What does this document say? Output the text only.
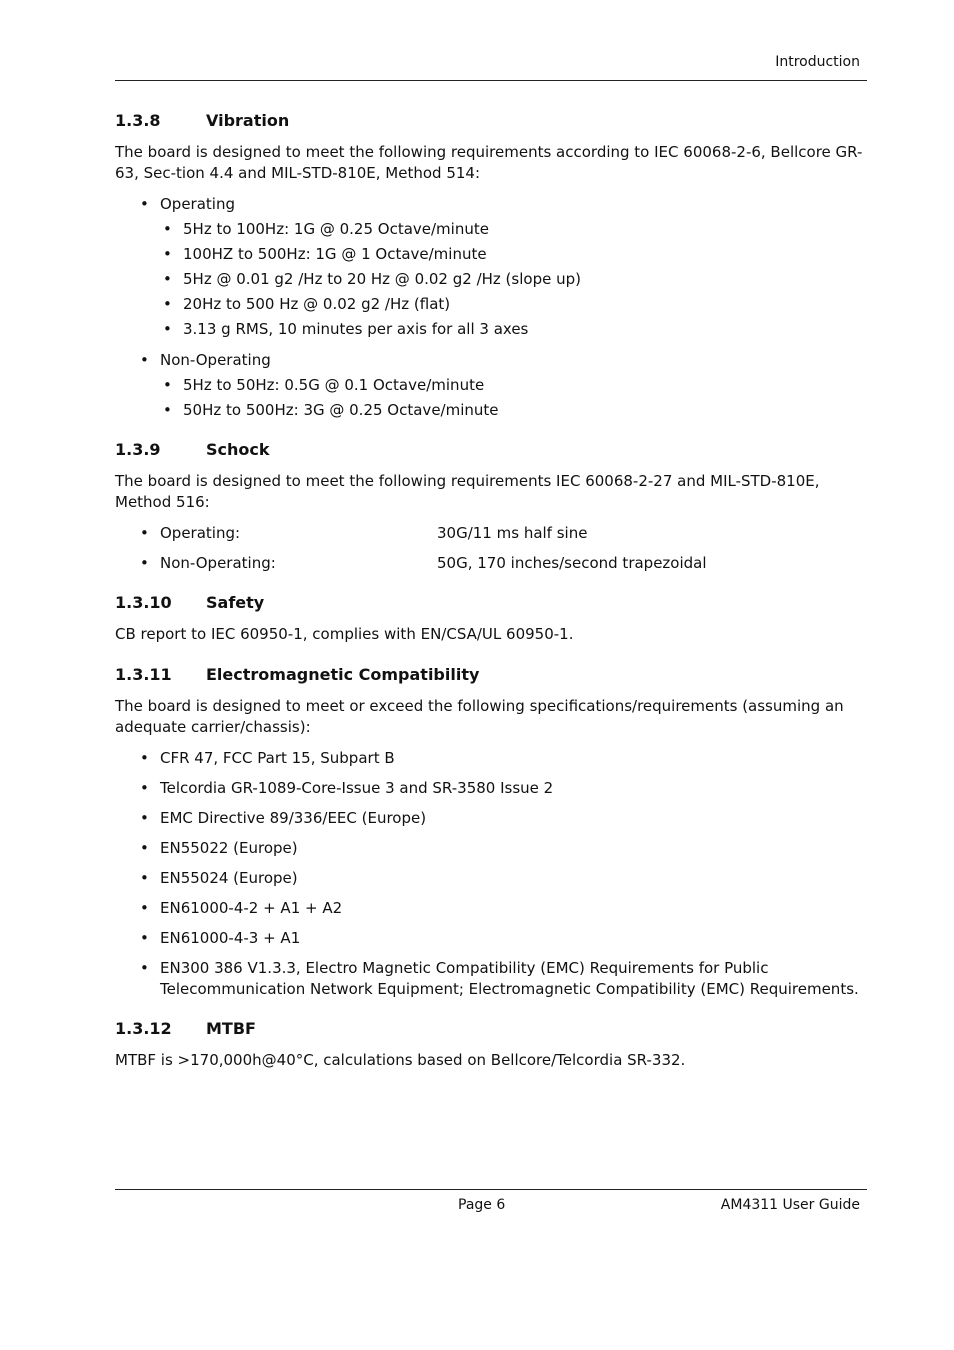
Introduction
1.3.8	Vibration

The board is designed to meet the following requirements according to IEC 60068-2-6, Bellcore GR-63, Sec-tion 4.4 and MIL-STD-810E, Method 514:

• Operating
• 5Hz to 100Hz: 1G @ 0.25 Octave/minute
• 100HZ to 500Hz: 1G @ 1 Octave/minute
• 5Hz @ 0.01 g2 /Hz to 20 Hz @ 0.02 g2 /Hz (slope up)
• 20Hz to 500 Hz @ 0.02 g2 /Hz (flat)
• 3.13 g RMS, 10 minutes per axis for all 3 axes
• Non-Operating
• 5Hz to 50Hz: 0.5G @ 0.1 Octave/minute
• 50Hz to 500Hz: 3G @ 0.25 Octave/minute
1.3.9	Schock

The board is designed to meet the following requirements IEC 60068-2-27 and MIL-STD-810E, Method 516:

• Operating:	30G/11 ms half sine
• Non-Operating:	50G, 170 inches/second trapezoidal
1.3.10	Safety

CB report to IEC 60950-1, complies with EN/CSA/UL 60950-1.

1.3.11	Electromagnetic Compatibility

The board is designed to meet or exceed the following specifications/requirements (assuming an adequate carrier/chassis):

• CFR 47, FCC Part 15, Subpart B
• Telcordia GR-1089-Core-Issue 3 and SR-3580 Issue 2
• EMC Directive 89/336/EEC (Europe)
• EN55022 (Europe)
• EN55024 (Europe)
• EN61000-4-2 + A1 + A2
• EN61000-4-3 + A1
• EN300 386 V1.3.3, Electro Magnetic Compatibility (EMC) Requirements for Public Telecommunication Network Equipment; Electromagnetic Compatibility (EMC) Requirements.
1.3.12	MTBF

MTBF is >170,000h@40°C, calculations based on Bellcore/Telcordia SR-332.

Page 6	AM4311 User Guide
